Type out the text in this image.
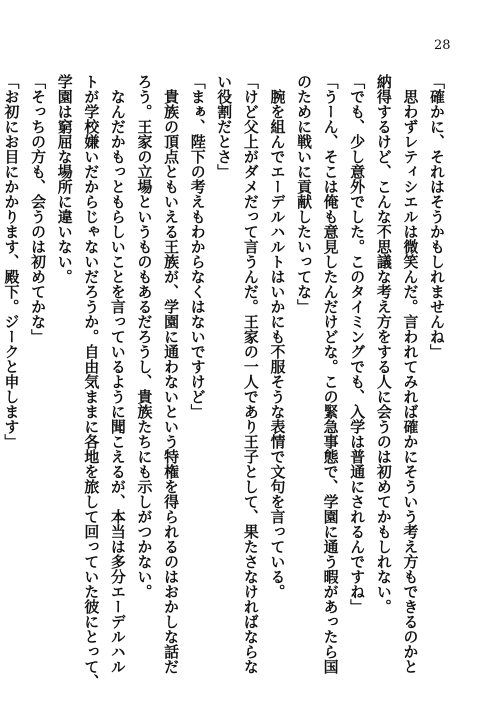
28
「確かに、それはそうかもしれませんね」
思わずレティシエルは微笑んだ。言われてみれば確かにそういう考え方もできるのかと
納得するけど、こんな不思議な考え方をする人に会うのは初めてかもしれない。
「でも、少し意外でした。このタイミングでも、入学は普通にされるんですね」
「うーん、そこは俺も意見したんだけどな。この緊急事態で、学園に通う暇があったら国
のために戦いに貢献したいってな」
腕を組んでエーデルハルトはいかにも不服そうな表情で文句を言っている。
「けど父上がダメだって言うんだ。王家の一人であり王子として、果たさなければならな
い役割だとさ」
「まぁ、陛下の考えもわからなくはないですけど」
貴族の頂点ともいえる王族が、学園に通わないという特権を得られるのはおかしな話だ
ろう。王家の立場というものもあるだろうし、貴族たちにも示しがつかない。
なんだかもっともらしいことを言っているように聞こえるが、本当は多分エーデルハル
トが学校嫌いだからじゃないだろうか。自由気ままに各地を旅して回っていた彼にとって、
学園は窮屈な場所に違いない。
「そっちの方も、会うのは初めてかな」
「お初にお目にかかります、殿下。ジークと申します」
